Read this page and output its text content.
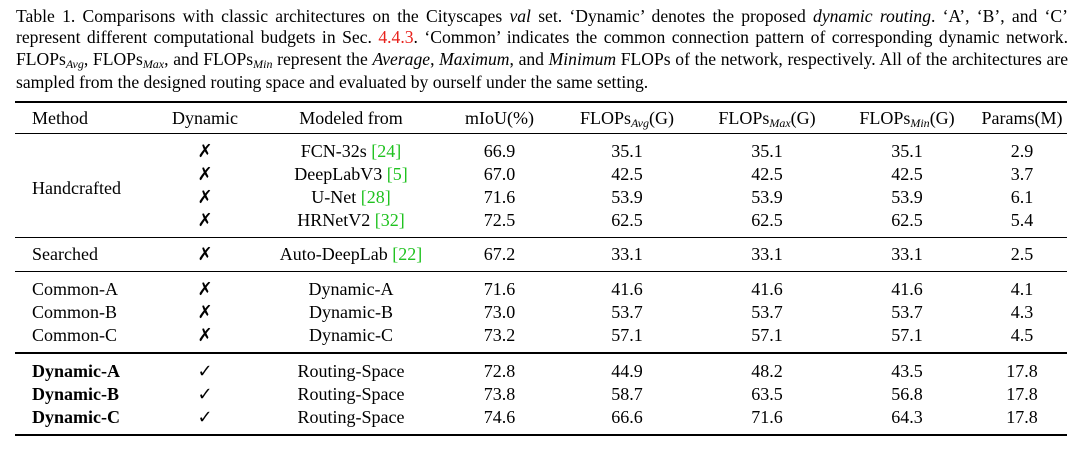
Table 1. Comparisons with classic architectures on the Cityscapes val set. ‘Dynamic’ denotes the proposed dynamic routing. ‘A’, ‘B’, and ‘C’ represent different computational budgets in Sec. 4.4.3. ‘Common’ indicates the common connection pattern of corresponding dynamic network. FLOPsAvg, FLOPsMax, and FLOPsMin represent the Average, Maximum, and Minimum FLOPs of the network, respectively. All of the architectures are sampled from the designed routing space and evaluated by ourself under the same setting.
Method	Dynamic	Modeled from	mIoU(%)	FLOPsAvg(G)	FLOPsMax(G)	FLOPsMin(G)	Params(M)
Handcrafted	✗	FCN-32s [24]	66.9	35.1	35.1	35.1	2.9
	✗	DeepLabV3 [5]	67.0	42.5	42.5	42.5	3.7
	✗	U-Net [28]	71.6	53.9	53.9	53.9	6.1
	✗	HRNetV2 [32]	72.5	62.5	62.5	62.5	5.4
Searched	✗	Auto-DeepLab [22]	67.2	33.1	33.1	33.1	2.5
Common-A	✗	Dynamic-A	71.6	41.6	41.6	41.6	4.1
Common-B	✗	Dynamic-B	73.0	53.7	53.7	53.7	4.3
Common-C	✗	Dynamic-C	73.2	57.1	57.1	57.1	4.5
Dynamic-A	✓	Routing-Space	72.8	44.9	48.2	43.5	17.8
Dynamic-B	✓	Routing-Space	73.8	58.7	63.5	56.8	17.8
Dynamic-C	✓	Routing-Space	74.6	66.6	71.6	64.3	17.8
